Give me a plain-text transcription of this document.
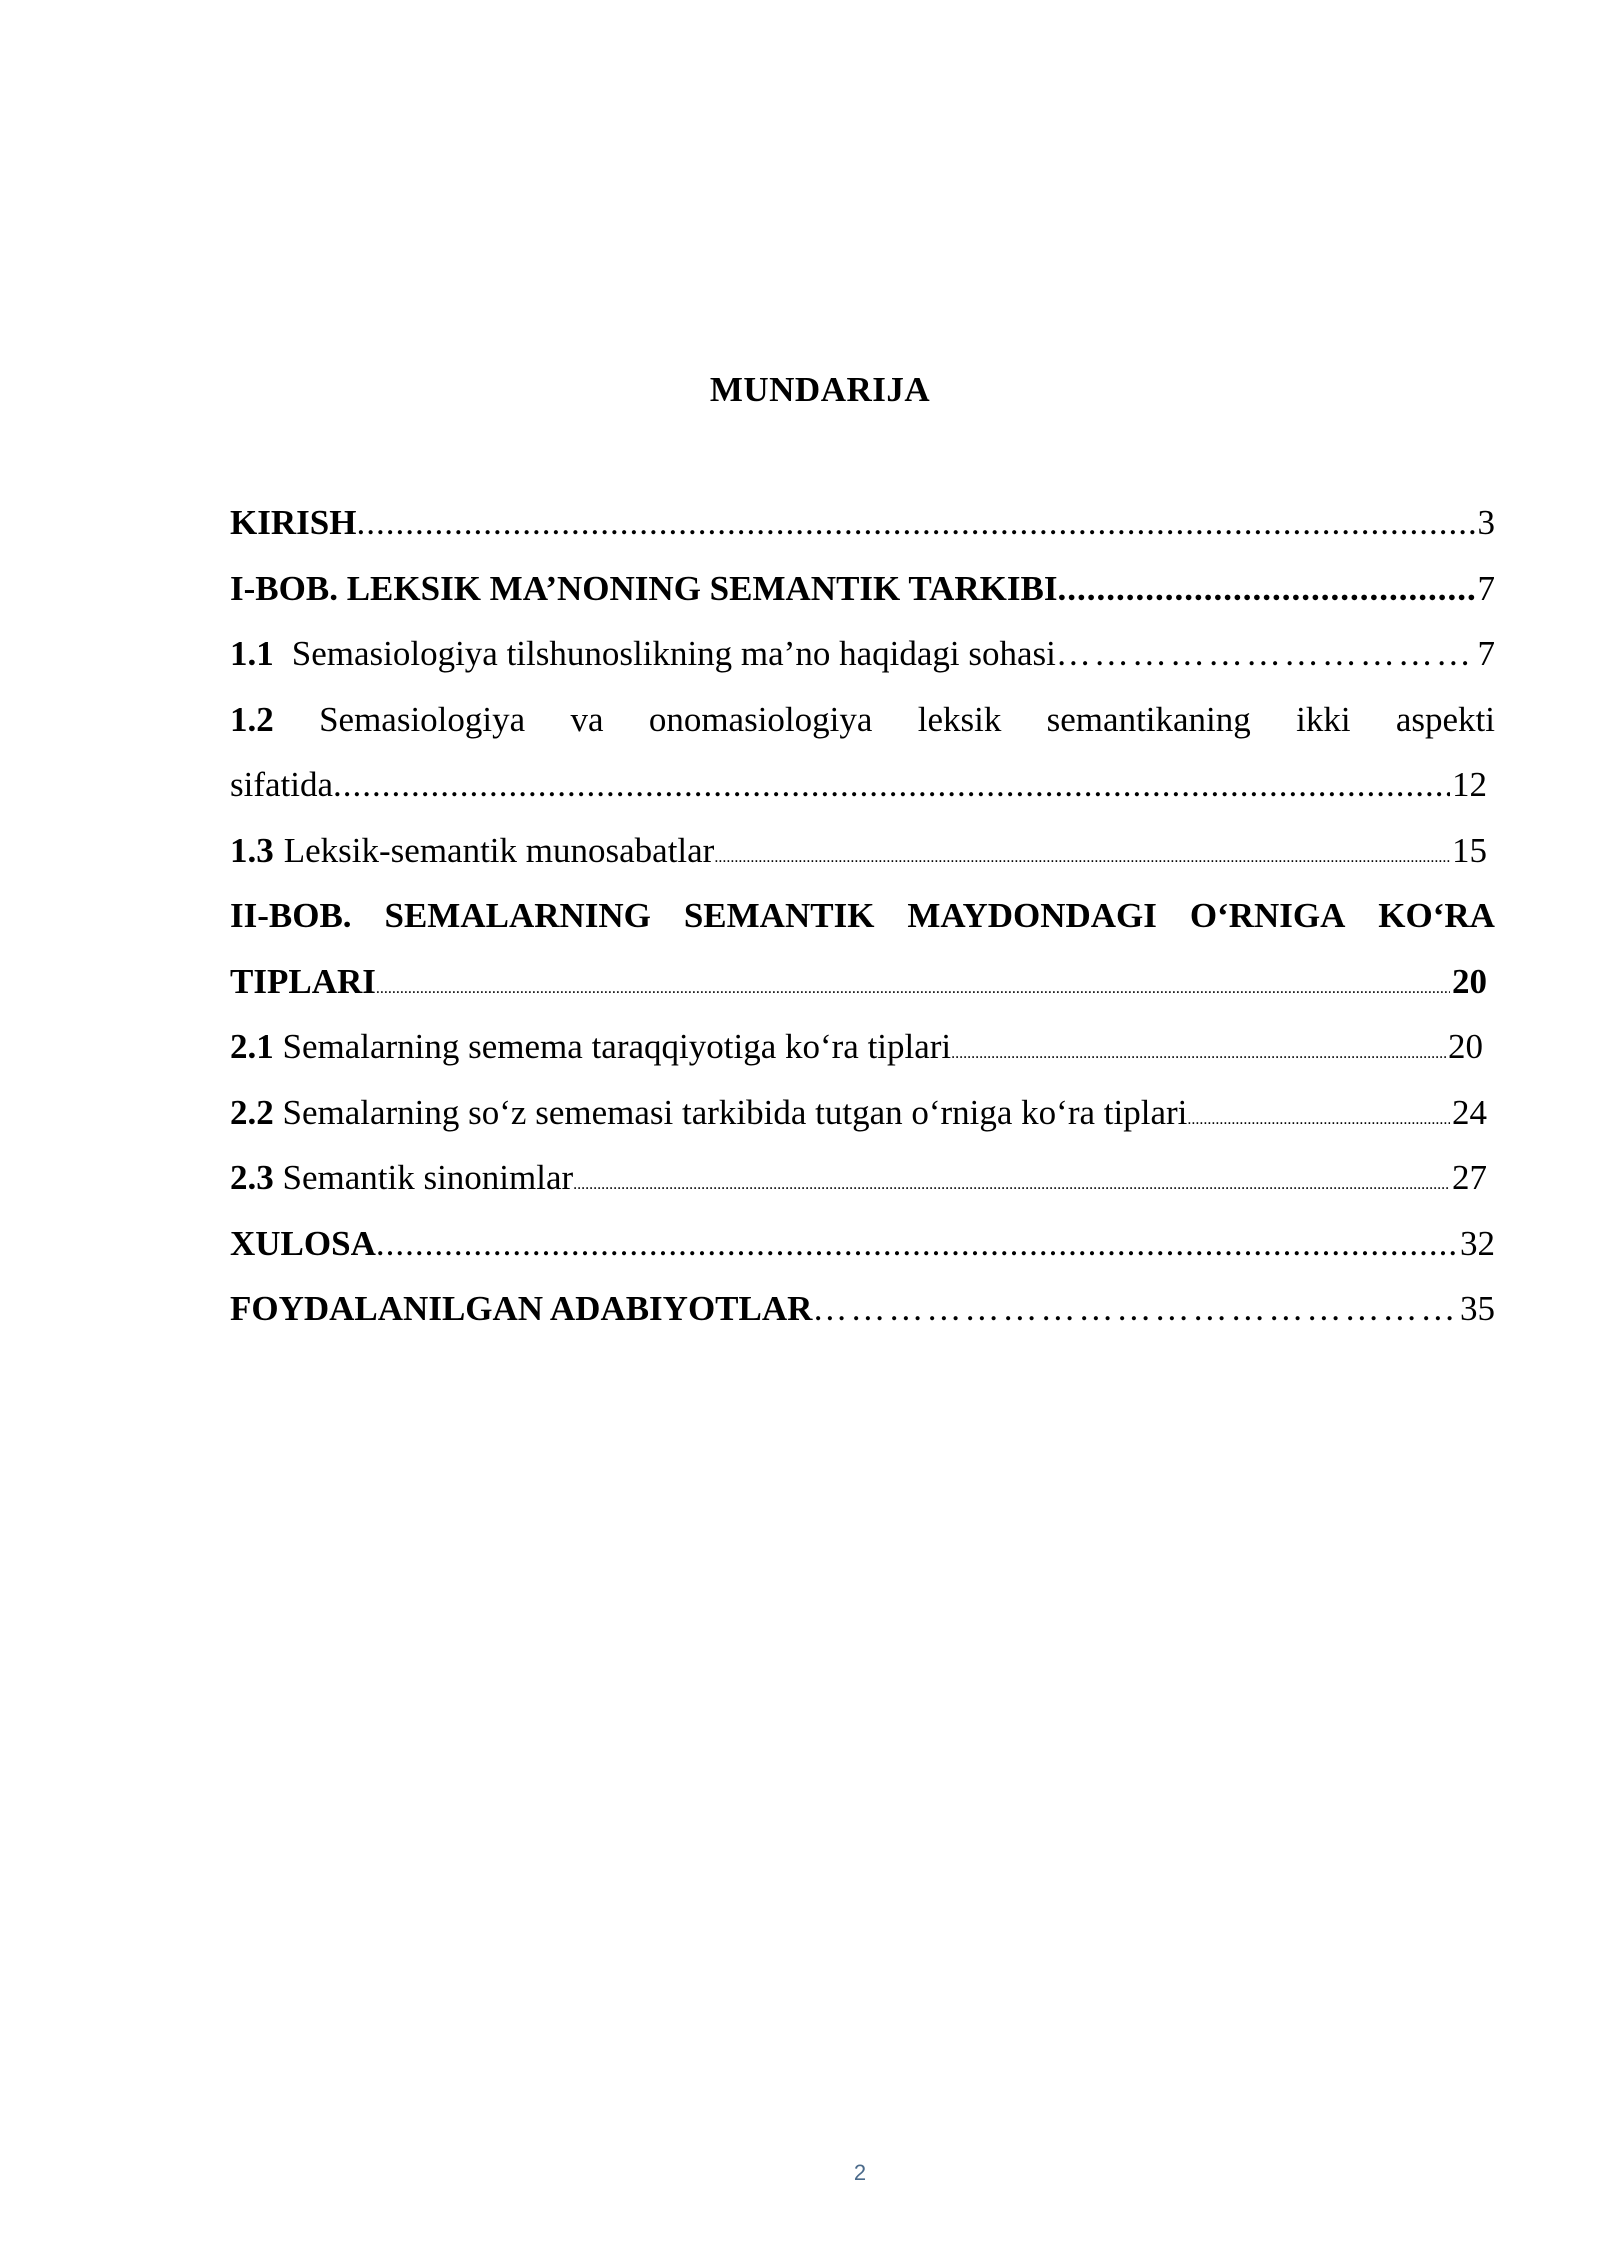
MUNDARIJA
KIRISH .....	3
I-BOB. LEKSIK MA’NONING SEMANTIK TARKIBI .....	7
1.1 Semasiologiya tilshunoslikning ma’no haqidagi sohasi ……………………………………………………………………………………………………………………………………	7
1.2 Semasiologiya va onomasiologiya leksik semantikaning ikki aspekti
sifatida .....	12
1.3 Leksik-semantik munosabatlar .....	15
II-BOB. SEMALARNING SEMANTIK MAYDONDAGI O‘RNIGA KO‘RA
TIPLARI .....	20
2.1 Semalarning semema taraqqiyotiga ko‘ra tiplari .....	20
2.2 Semalarning so‘z sememasi tarkibida tutgan o‘rniga ko‘ra tiplari .....	24
2.3 Semantik sinonimlar .....	27
XULOSA .....	32
FOYDALANILGAN ADABIYOTLAR ……………………………………………………………………………………………………………………………………	35
2
